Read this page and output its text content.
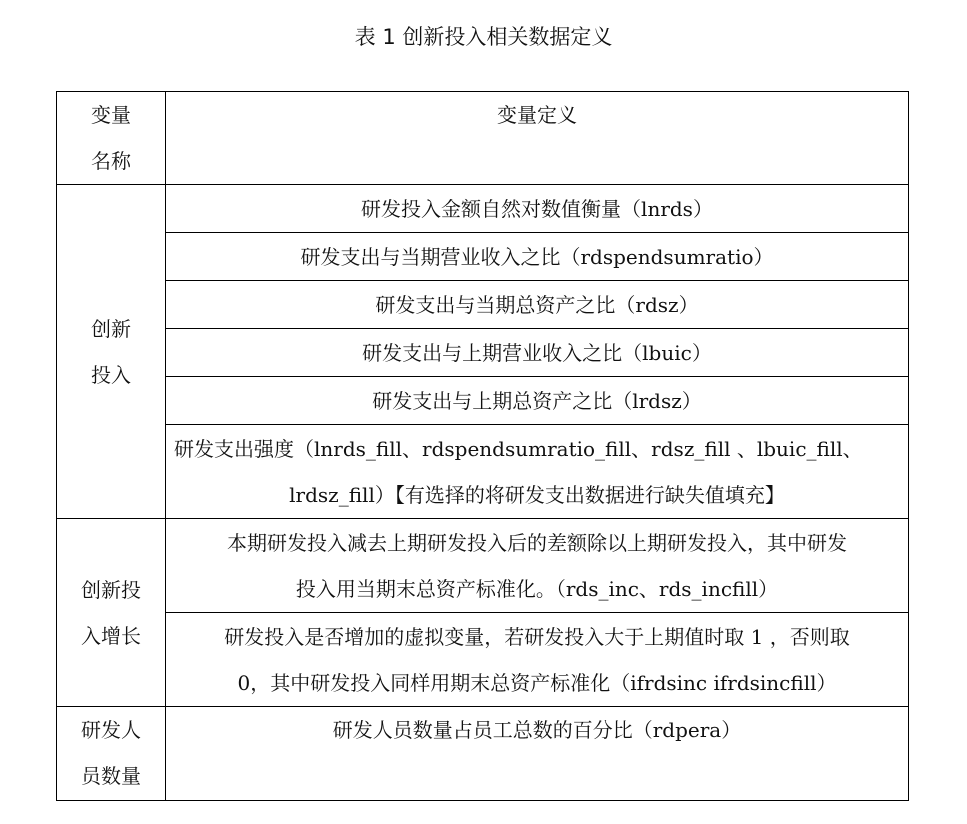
表 1 创新投入相关数据定义
变量
名称	变量定义

创新
投入	研发投入金额自然对数值衡量（lnrds）
	研发支出与当期营业收入之比（rdspendsumratio）
	研发支出与当期总资产之比（rdsz）
	研发支出与上期营业收入之比（lbuic）
	研发支出与上期总资产之比（lrdsz）

	研发支出强度（lnrds_fill、rdspendsumratio_fill、rdsz_fill 、lbuic_fill、
lrdsz_fill）【有选择的将研发支出数据进行缺失值填充】

创新投
入增长	本期研发投入减去上期研发投入后的差额除以上期研发投入，其中研发
投入用当期末总资产标准化。（rds_inc、rds_incfill）

	研发投入是否增加的虚拟变量，若研发投入大于上期值时取 1 ，否则取
0，其中研发投入同样用期末总资产标准化（ifrdsinc ifrdsincfill）

研发人
员数量	研发人员数量占员工总数的百分比（rdpera）
